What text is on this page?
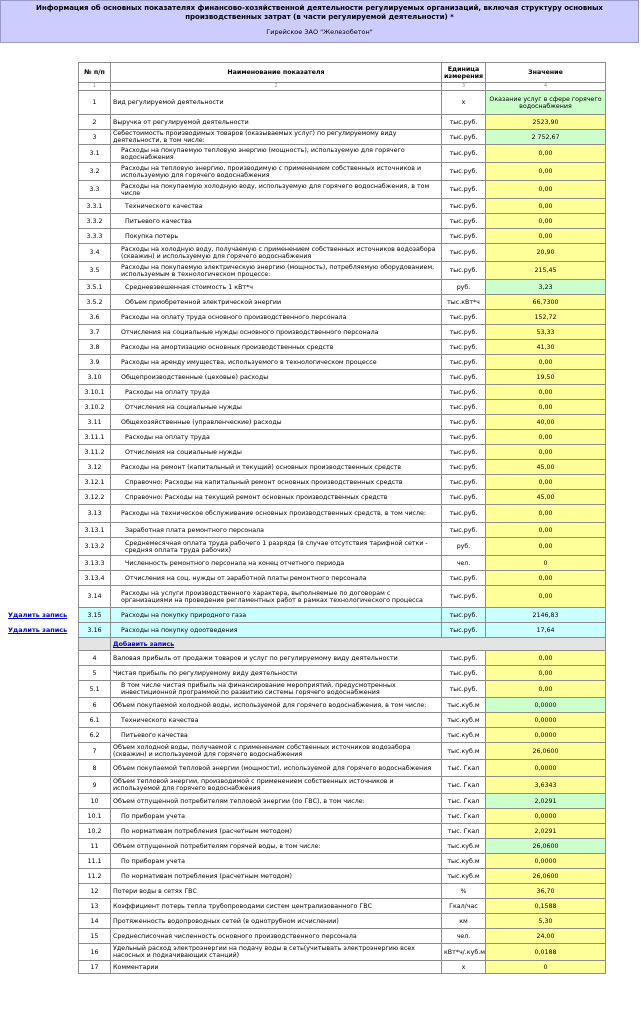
Информация об основных показателях финансово-хозяйственной деятельности регулируемых организаций, включая структуру основных производственных затрат (в части регулируемой деятельности) *
Гирейское ЗАО "Железобетон"
Удалить запись
Удалить запись
№ п/п	Наименование показателя	Единица измерения	Значение
1	2	3	4
1	Вид регулируемой деятельности	x	Оказание услуг в сфере горячего водоснабжения
2	Выручка от регулируемой деятельности	тыс.руб.	2523,90
3	Себестоимость производимых товаров (оказываемых услуг) по регулируемому виду деятельности, в том числе:	тыс.руб.	2 752,67
3.1	Расходы на покупаемую тепловую энергию (мощность), используемую для горячего водоснабжения	тыс.руб.	0,00
3.2	Расходы на тепловую энергию, производимую с применением собственных источников и используемую для горячего водоснабжения	тыс.руб.	0,00
3.3	Расходы на покупаемую холодную воду, используемую для горячего водоснабжения, в том числе	тыс.руб.	0,00
3.3.1	Технического качества	тыс.руб.	0,00
3.3.2	Питьевого качества	тыс.руб.	0,00
3.3.3	Покупка потерь	тыс.руб.	0,00
3.4	Расходы на холодную воду, получаемую с применением собственных источников водозабора (скважин) и используемую для горячего водоснабжения	тыс.руб.	20,90
3.5	Расходы на покупаемую электрическую энергию (мощность), потребляемую оборудованием, используемым в технологическом процессе:	тыс.руб.	215,45
3.5.1	Средневзвешенная стоимость 1 кВт*ч	руб.	3,23
3.5.2	Объем приобретенной электрической энергии	тыс.кВт*ч	66,7300
3.6	Расходы на оплату труда основного производственного персонала	тыс.руб.	152,72
3.7	Отчисления на социальные нужды основного производственного персонала	тыс.руб.	53,33
3.8	Расходы на амортизацию основных производственных средств	тыс.руб.	41,30
3.9	Расходы на аренду имущества, используемого в технологическом процессе	тыс.руб.	0,00
3.10	Общепроизводственные (цеховые) расходы	тыс.руб.	19,50
3.10.1	Расходы на оплату труда	тыс.руб.	0,00
3.10.2	Отчисления на социальные нужды	тыс.руб.	0,00
3.11	Общехозяйственные (управленческие) расходы	тыс.руб.	40,00
3.11.1	Расходы на оплату труда	тыс.руб.	0,00
3.11.2	Отчисления на социальные нужды	тыс.руб.	0,00
3.12	Расходы на ремонт (капитальный и текущий) основных производственных средств	тыс.руб.	45,00
3.12.1	Справочно: Расходы на капитальный ремонт основных производственных средств	тыс.руб.	0,00
3.12.2	Справочно: Расходы на текущий ремонт основных производственных средств	тыс.руб.	45,00
3.13	Расходы на техническое обслуживание основных производственных средств, в том числе:	тыс.руб.	0,00
3.13.1	Заработная плата ремонтного персонала	тыс.руб.	0,00
3.13.2	Среднемесячная оплата труда рабочего 1 разряда (в случае отсутствия тарифной сетки - средняя оплата труда рабочих)	руб.	0,00
3.13.3	Численность ремонтного персонала на конец отчетного периода	чел.	0
3.13.4	Отчисления на соц. нужды от заработной платы ремонтного персонала	тыс.руб.	0,00
3.14	Расходы на услуги производственного характера, выполняемые по договорам с организациями на проведение регламентных работ в рамках технологического процесса	тыс.руб.	0,00
3.15	Расходы на покупку природного газа	тыс.руб.	2146,83
3.16	Расходы на покупку одоотведения	тыс.руб.	17,64
	Добавить запись		
4	Валовая прибыль от продажи товаров и услуг по регулируемому виду деятельности	тыс.руб.	0,00
5	Чистая прибыль по регулируемому виду деятельности	тыс.руб.	0,00
5.1	В том числе чистая прибыль на финансирование мероприятий, предусмотренных инвестиционной программой по развитию системы горячего водоснабжения	тыс.руб.	0,00
6	Объем покупаемой холодной воды, используемой для горячего водоснабжения, в том числе:	тыс.куб.м	0,0000
6.1	Технического качества	тыс.куб.м	0,0000
6.2	Питьевого качества	тыс.куб.м	0,0000
7	Объем холодной воды, получаемой с применением собственных источников водозабора (скважин) и используемой для горячего водоснабжения	тыс.куб.м	26,0600
8	Объем покупаемой тепловой энергии (мощности), используемой для горячего водоснабжения	тыс. Гкал	0,0000
9	Объем тепловой энергии, производимой с применением собственных источников и используемой для горячего водоснабжения	тыс. Гкал	3,6343
10	Объем отпущенной потребителям тепловой энергии (по ГВС), в том числе:	тыс. Гкал	2,0291
10.1	По приборам учета	тыс. Гкал	0,0000
10.2	По нормативам потребления (расчетным методом)	тыс. Гкал	2,0291
11	Объем отпущенной потребителям горячей воды, в том числе:	тыс.куб.м	26,0600
11.1	По приборам учета	тыс.куб.м	0,0000
11.2	По нормативам потребления (расчетным методом)	тыс.куб.м	26,0600
12	Потери воды в сетях ГВС	%	36,70
13	Коэффициент потерь тепла трубопроводами систем централизованного ГВС	Гкал/час	0,1588
14	Протяженность водопроводных сетей (в однотрубном исчислении)	км	5,30
15	Среднесписочная численность основного производственного персонала	чел.	24,00
16	Удельный расход электроэнергии на подачу воды в сеть(учитывать электроэнергию всех насосных и подкачивающих станций)	кВт*ч/.куб.м	0,0188
17	Комментарии	x	0
